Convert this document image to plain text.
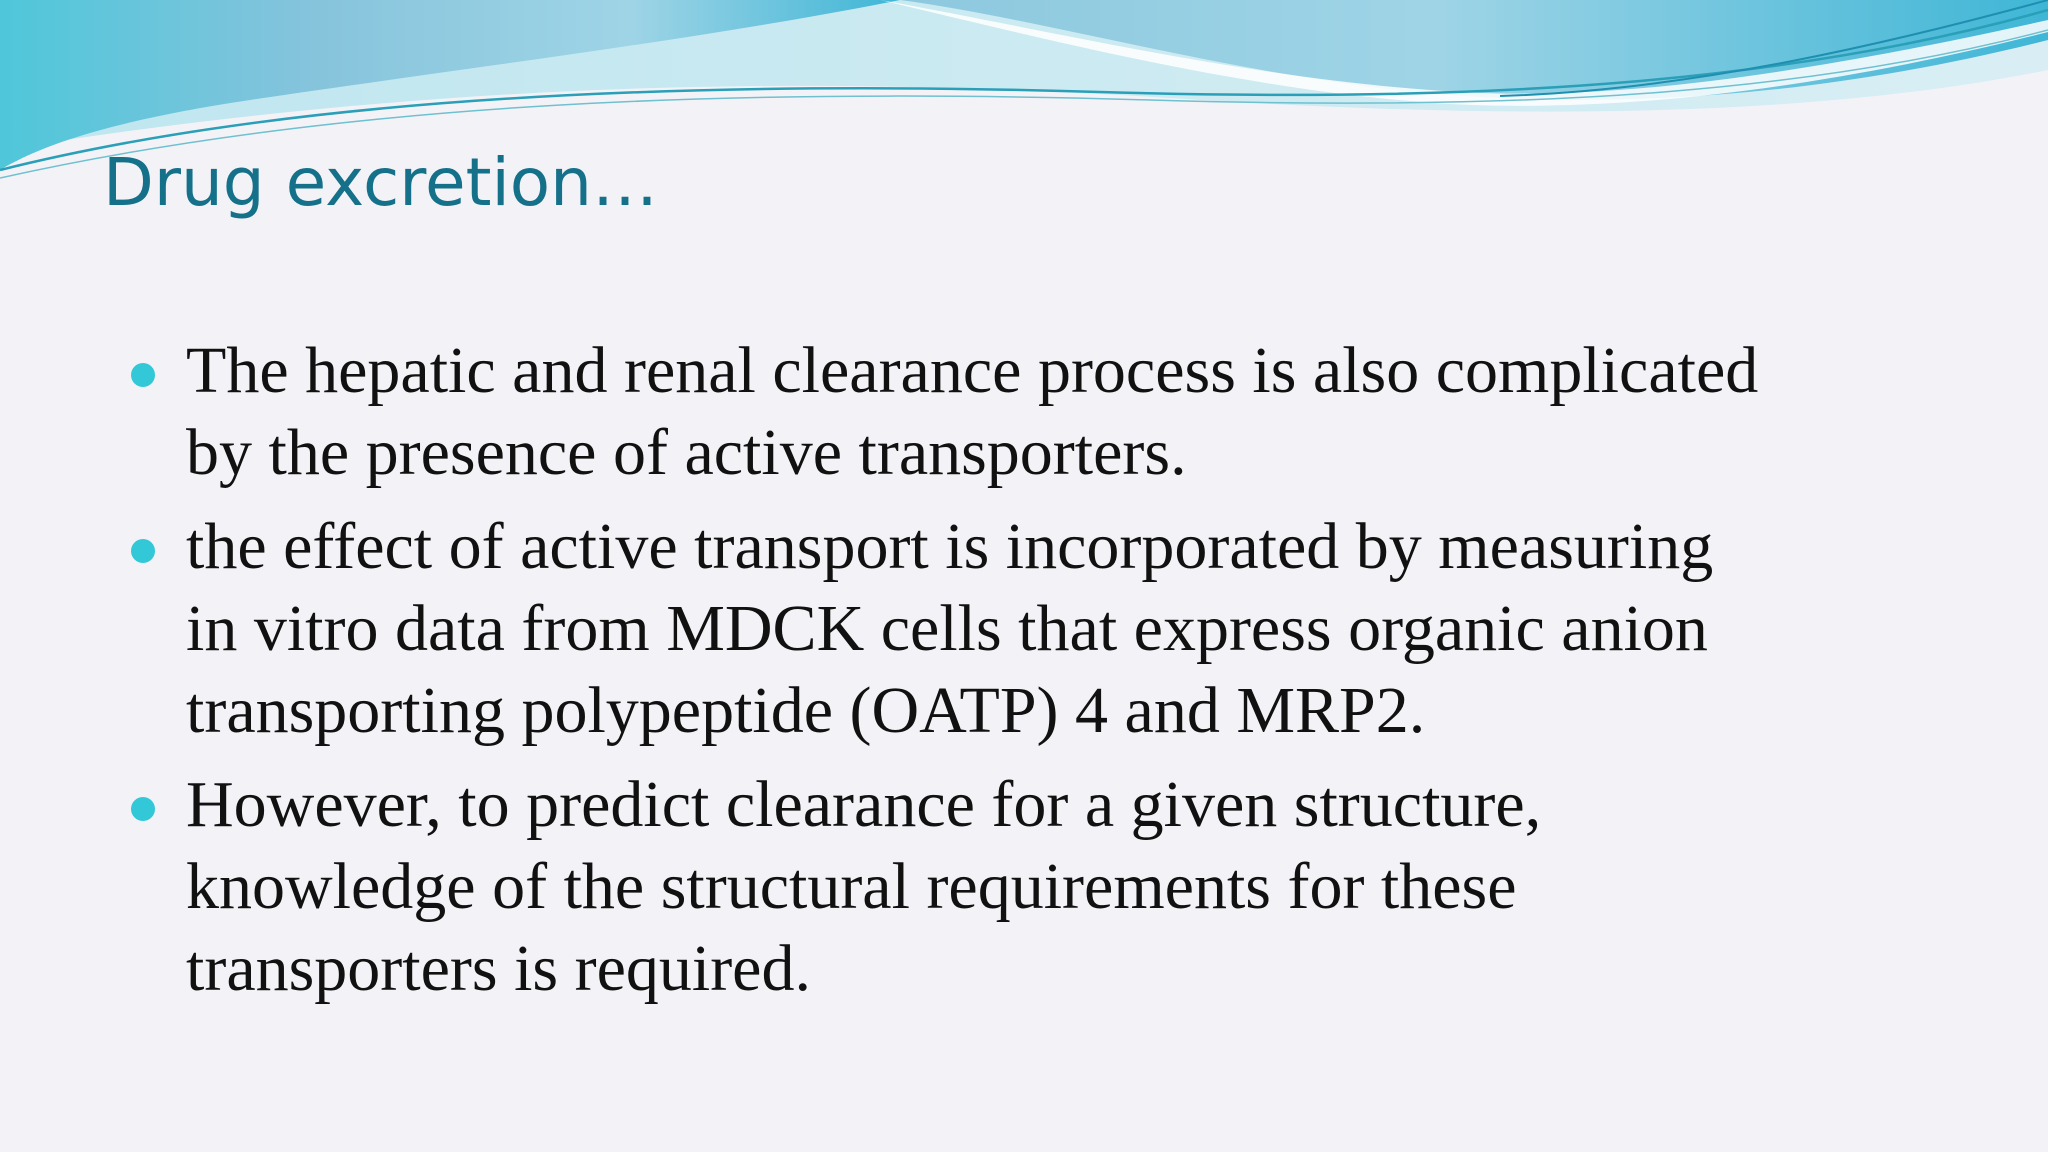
Drug excretion…
The hepatic and renal clearance process is also complicated
by the presence of active transporters.
the effect of active transport is incorporated by measuring
in vitro data from MDCK cells that express organic anion
transporting polypeptide (OATP) 4 and MRP2.
However, to predict clearance for a given structure,
knowledge of the structural requirements for these
transporters is required.
